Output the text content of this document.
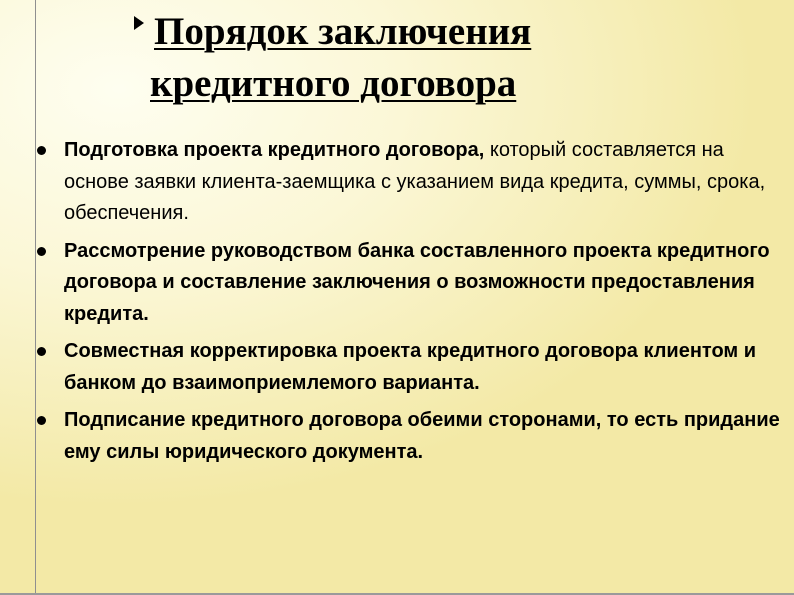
Порядок заключения
кредитного договора
Подготовка проекта кредитного договора, который составляется на основе заявки клиента-заемщика с указанием вида кредита, суммы, срока, обеспечения.
Рассмотрение руководством банка составленного проекта кредитного договора и составление заключения о возможности предоставления кредита.
Совместная корректировка проекта кредитного договора клиентом и банком до взаимоприемлемого варианта.
Подписание кредитного договора обеими сторонами, то есть придание ему силы юридического документа.
